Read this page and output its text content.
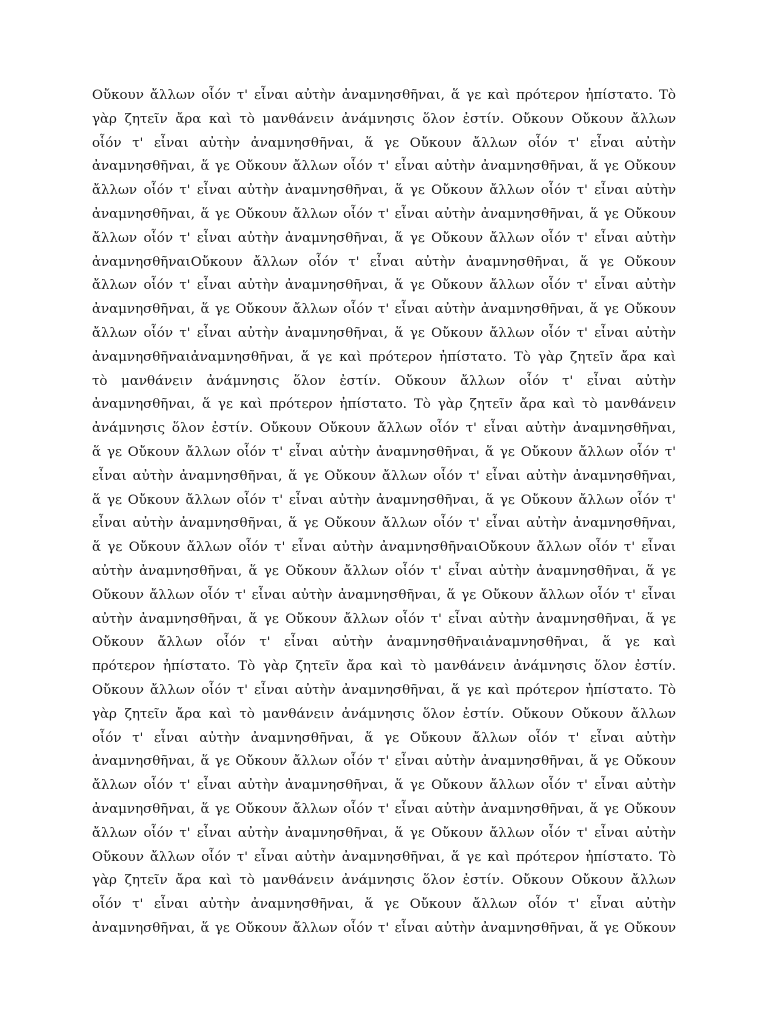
Οὔκουν ἄλλων οἷόν τ' εἶναι αὐτὴν ἀναμνησθῆναι, ἅ γε καὶ πρότερον ἠπίστατο. Τὸ
γὰρ ζητεῖν ἄρα καὶ τὸ μανθάνειν ἀνάμνησις ὅλον ἐστίν. Οὔκουν Οὔκουν ἄλλων
οἷόν τ' εἶναι αὐτὴν ἀναμνησθῆναι, ἅ γε Οὔκουν ἄλλων οἷόν τ' εἶναι αὐτὴν
ἀναμνησθῆναι, ἅ γε Οὔκουν ἄλλων οἷόν τ' εἶναι αὐτὴν ἀναμνησθῆναι, ἅ γε Οὔκουν
ἄλλων οἷόν τ' εἶναι αὐτὴν ἀναμνησθῆναι, ἅ γε Οὔκουν ἄλλων οἷόν τ' εἶναι αὐτὴν
ἀναμνησθῆναι, ἅ γε Οὔκουν ἄλλων οἷόν τ' εἶναι αὐτὴν ἀναμνησθῆναι, ἅ γε Οὔκουν
ἄλλων οἷόν τ' εἶναι αὐτὴν ἀναμνησθῆναι, ἅ γε Οὔκουν ἄλλων οἷόν τ' εἶναι αὐτὴν
ἀναμνησθῆναιΟὔκουν ἄλλων οἷόν τ' εἶναι αὐτὴν ἀναμνησθῆναι, ἅ γε Οὔκουν
ἄλλων οἷόν τ' εἶναι αὐτὴν ἀναμνησθῆναι, ἅ γε Οὔκουν ἄλλων οἷόν τ' εἶναι αὐτὴν
ἀναμνησθῆναι, ἅ γε Οὔκουν ἄλλων οἷόν τ' εἶναι αὐτὴν ἀναμνησθῆναι, ἅ γε Οὔκουν
ἄλλων οἷόν τ' εἶναι αὐτὴν ἀναμνησθῆναι, ἅ γε Οὔκουν ἄλλων οἷόν τ' εἶναι αὐτὴν
ἀναμνησθῆναιἀναμνησθῆναι, ἅ γε καὶ πρότερον ἠπίστατο. Τὸ γὰρ ζητεῖν ἄρα καὶ
τὸ μανθάνειν ἀνάμνησις ὅλον ἐστίν. Οὔκουν ἄλλων οἷόν τ' εἶναι αὐτὴν
ἀναμνησθῆναι, ἅ γε καὶ πρότερον ἠπίστατο. Τὸ γὰρ ζητεῖν ἄρα καὶ τὸ μανθάνειν
ἀνάμνησις ὅλον ἐστίν. Οὔκουν Οὔκουν ἄλλων οἷόν τ' εἶναι αὐτὴν ἀναμνησθῆναι,
ἅ γε Οὔκουν ἄλλων οἷόν τ' εἶναι αὐτὴν ἀναμνησθῆναι, ἅ γε Οὔκουν ἄλλων οἷόν τ'
εἶναι αὐτὴν ἀναμνησθῆναι, ἅ γε Οὔκουν ἄλλων οἷόν τ' εἶναι αὐτὴν ἀναμνησθῆναι,
ἅ γε Οὔκουν ἄλλων οἷόν τ' εἶναι αὐτὴν ἀναμνησθῆναι, ἅ γε Οὔκουν ἄλλων οἷόν τ'
εἶναι αὐτὴν ἀναμνησθῆναι, ἅ γε Οὔκουν ἄλλων οἷόν τ' εἶναι αὐτὴν ἀναμνησθῆναι,
ἅ γε Οὔκουν ἄλλων οἷόν τ' εἶναι αὐτὴν ἀναμνησθῆναιΟὔκουν ἄλλων οἷόν τ' εἶναι
αὐτὴν ἀναμνησθῆναι, ἅ γε Οὔκουν ἄλλων οἷόν τ' εἶναι αὐτὴν ἀναμνησθῆναι, ἅ γε
Οὔκουν ἄλλων οἷόν τ' εἶναι αὐτὴν ἀναμνησθῆναι, ἅ γε Οὔκουν ἄλλων οἷόν τ' εἶναι
αὐτὴν ἀναμνησθῆναι, ἅ γε Οὔκουν ἄλλων οἷόν τ' εἶναι αὐτὴν ἀναμνησθῆναι, ἅ γε
Οὔκουν ἄλλων οἷόν τ' εἶναι αὐτὴν ἀναμνησθῆναιἀναμνησθῆναι, ἅ γε καὶ
πρότερον ἠπίστατο. Τὸ γὰρ ζητεῖν ἄρα καὶ τὸ μανθάνειν ἀνάμνησις ὅλον ἐστίν.
Οὔκουν ἄλλων οἷόν τ' εἶναι αὐτὴν ἀναμνησθῆναι, ἅ γε καὶ πρότερον ἠπίστατο. Τὸ
γὰρ ζητεῖν ἄρα καὶ τὸ μανθάνειν ἀνάμνησις ὅλον ἐστίν. Οὔκουν Οὔκουν ἄλλων
οἷόν τ' εἶναι αὐτὴν ἀναμνησθῆναι, ἅ γε Οὔκουν ἄλλων οἷόν τ' εἶναι αὐτὴν
ἀναμνησθῆναι, ἅ γε Οὔκουν ἄλλων οἷόν τ' εἶναι αὐτὴν ἀναμνησθῆναι, ἅ γε Οὔκουν
ἄλλων οἷόν τ' εἶναι αὐτὴν ἀναμνησθῆναι, ἅ γε Οὔκουν ἄλλων οἷόν τ' εἶναι αὐτὴν
ἀναμνησθῆναι, ἅ γε Οὔκουν ἄλλων οἷόν τ' εἶναι αὐτὴν ἀναμνησθῆναι, ἅ γε Οὔκουν
ἄλλων οἷόν τ' εἶναι αὐτὴν ἀναμνησθῆναι, ἅ γε Οὔκουν ἄλλων οἷόν τ' εἶναι αὐτὴν
Οὔκουν ἄλλων οἷόν τ' εἶναι αὐτὴν ἀναμνησθῆναι, ἅ γε καὶ πρότερον ἠπίστατο. Τὸ
γὰρ ζητεῖν ἄρα καὶ τὸ μανθάνειν ἀνάμνησις ὅλον ἐστίν. Οὔκουν Οὔκουν ἄλλων
οἷόν τ' εἶναι αὐτὴν ἀναμνησθῆναι, ἅ γε Οὔκουν ἄλλων οἷόν τ' εἶναι αὐτὴν
ἀναμνησθῆναι, ἅ γε Οὔκουν ἄλλων οἷόν τ' εἶναι αὐτὴν ἀναμνησθῆναι, ἅ γε Οὔκουν
